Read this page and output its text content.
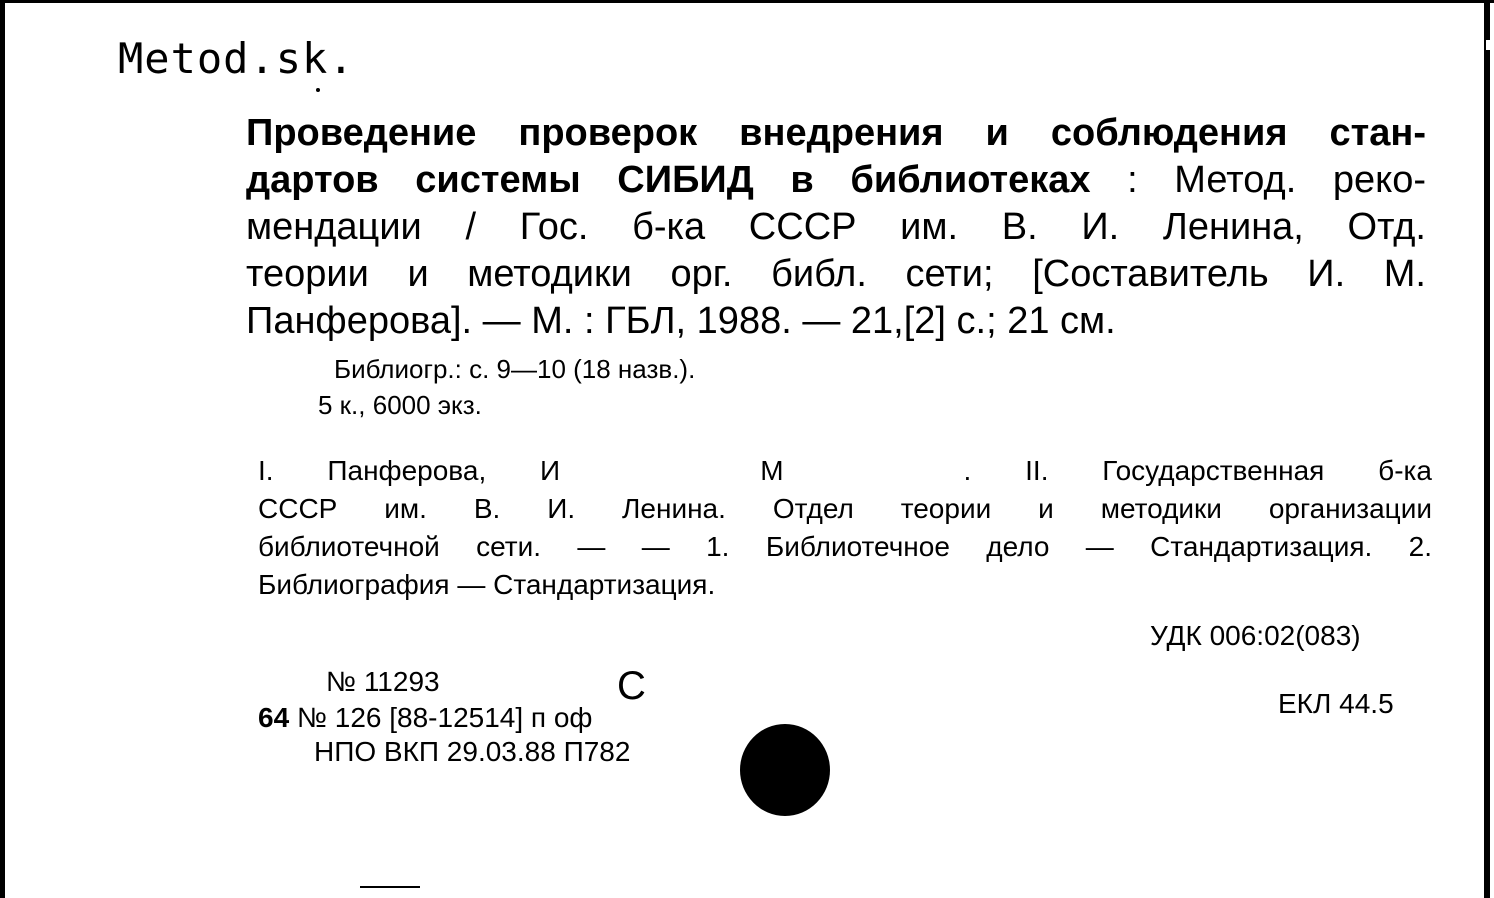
Metod.sk.

Проведение проверок внедрения и соблюдения стан-
дартов системы СИБИД в библиотеках : Метод. реко-
мендации / Гос. б-ка СССР им. В. И. Ленина, Отд.
теории и методики орг. библ. сети; [Составитель И. М.
Панферова]. — М. : ГБЛ, 1988. — 21,[2] с.; 21 см.
Библиогр.: с. 9—10 (18 назв.).
5 к., 6000 экз.
I. Панферова, И	М	. II. Государственная б-ка
СССР им. В. И. Ленина. Отдел теории и методики организации
библиотечной сети. — — 1. Библиотечное дело — Стандартизация. 2.
Библиография — Стандартизация.

УДК 006:02(083)

ЕКЛ 44.5

№ 11293

64 № 126 [88-12514] п оф

НПО ВКП 29.03.88 П782

С
